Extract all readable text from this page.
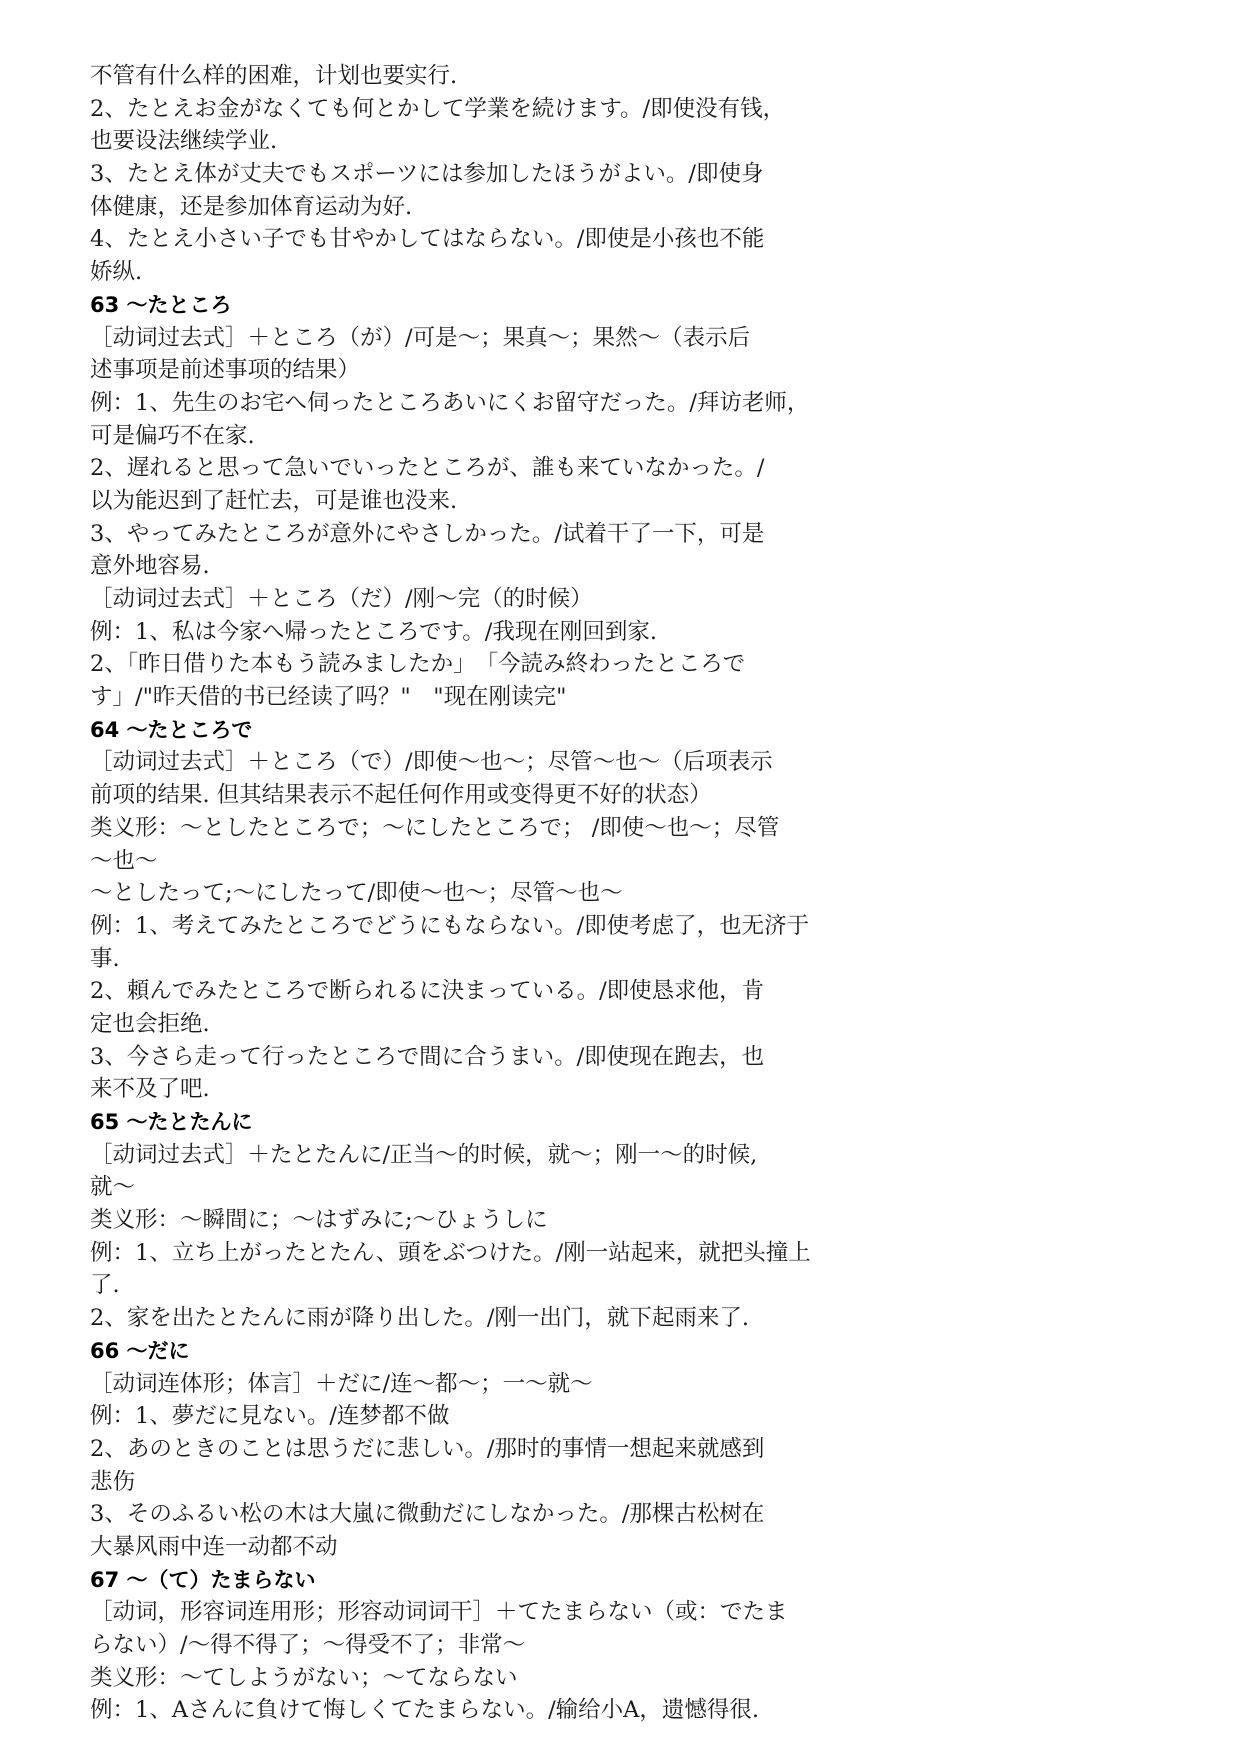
不管有什么样的困难，计划也要实行.
2、たとえお金がなくても何とかして学業を続けます。/即使没有钱，
也要设法继续学业.
3、たとえ体が丈夫でもスポーツには参加したほうがよい。/即使身
体健康，还是参加体育运动为好.
4、たとえ小さい子でも甘やかしてはならない。/即使是小孩也不能
娇纵.
63 ～たところ
［动词过去式］＋ところ（が）/可是～；果真～；果然～（表示后
述事项是前述事项的结果）
例：1、先生のお宅へ伺ったところあいにくお留守だった。/拜访老师，
可是偏巧不在家.
2、遅れると思って急いでいったところが、誰も来ていなかった。/
以为能迟到了赶忙去，可是谁也没来.
3、やってみたところが意外にやさしかった。/试着干了一下，可是
意外地容易.
［动词过去式］＋ところ（だ）/刚～完（的时候）
例：1、私は今家へ帰ったところです。/我现在刚回到家.
2、「昨日借りた本もう読みましたか」　「今読み終わったところで
す」/"昨天借的书已经读了吗？"　"现在刚读完"
64 ～たところで
［动词过去式］＋ところ（で）/即使～也～；尽管～也～（后项表示
前项的结果. 但其结果表示不起任何作用或变得更不好的状态）
类义形：～としたところで；～にしたところで； /即使～也～；尽管
～也～
～としたって;～にしたって/即使～也～；尽管～也～
例：1、考えてみたところでどうにもならない。/即使考虑了，也无济于
事.
2、頼んでみたところで断られるに決まっている。/即使恳求他，肯
定也会拒绝.
3、今さら走って行ったところで間に合うまい。/即使现在跑去，也
来不及了吧.
65 ～たとたんに
［动词过去式］＋たとたんに/正当～的时候，就～；刚一～的时候,
就～
类义形：～瞬間に；～はずみに;～ひょうしに
例：1、立ち上がったとたん、頭をぶつけた。/刚一站起来，就把头撞上
了.
2、家を出たとたんに雨が降り出した。/刚一出门，就下起雨来了.
66 ～だに
［动词连体形；体言］＋だに/连～都～；一～就～
例：1、夢だに見ない。/连梦都不做
2、あのときのことは思うだに悲しい。/那时的事情一想起来就感到
悲伤
3、そのふるい松の木は大嵐に微動だにしなかった。/那棵古松树在
大暴风雨中连一动都不动
67 ～（て）たまらない
［动词，形容词连用形；形容动词词干］＋てたまらない（或：でたま
らない）/～得不得了；～得受不了；非常～
类义形：～てしようがない；～てならない
例：1、Aさんに負けて悔しくてたまらない。/输给小A，遗憾得很.
